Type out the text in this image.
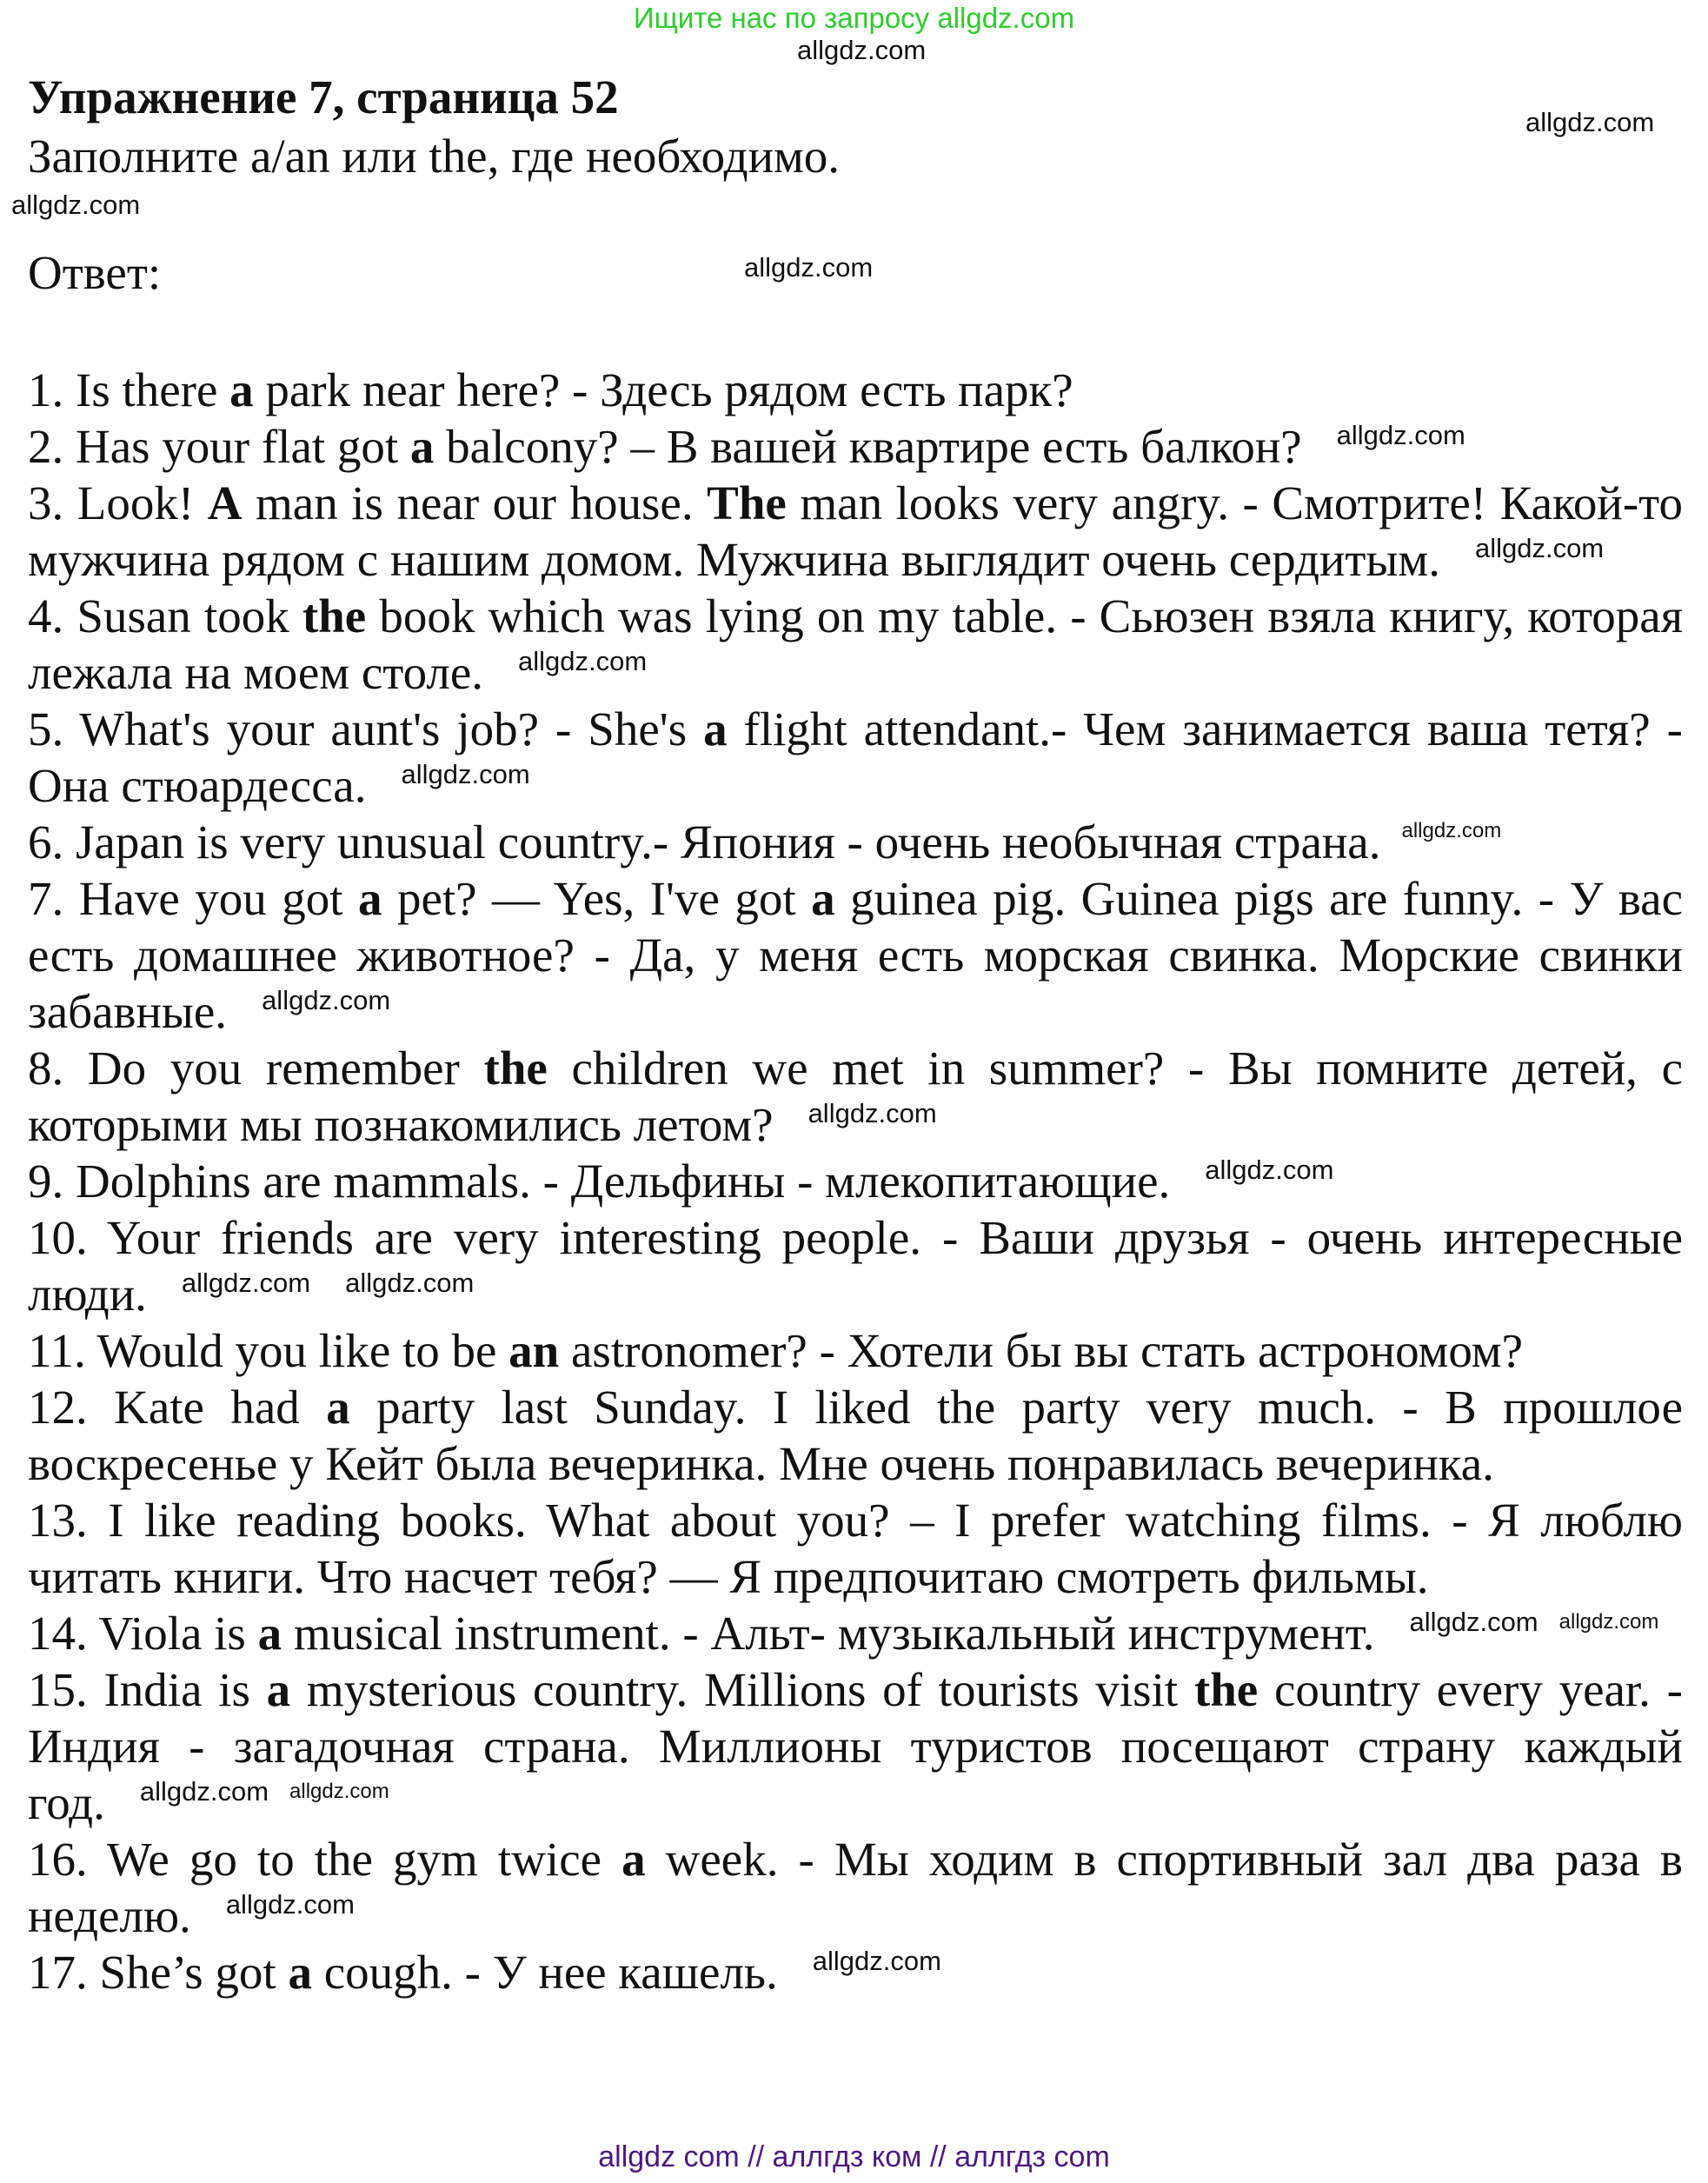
Ищите нас по запросу allgdz.com
Упражнение 7, страница 52
Заполните a/an или the, где необходимо.
Ответ:

1. Is there a park near here? - Здесь рядом есть парк?

2. Has your flat got a balcony? – В вашей квартире есть балкон? $^{allgdz.com}$

3. Look! A man is near our house. The man looks very angry. - Смотрите! Какой-то мужчина рядом с нашим домом. Мужчина выглядит очень сердитым. $^{allgdz.com}$

4. Susan took the book which was lying on my table. - Сьюзен взяла книгу, которая лежала на моем столе. $^{allgdz.com}$

5. What's your aunt's job? - She's a flight attendant.- Чем занимается ваша тетя? - Она стюардесса. $^{allgdz.com}$

6. Japan is very unusual country.- Япония - очень необычная страна. $^{allgdz.com}$

7. Have you got a pet? — Yes, I've got a guinea pig. Guinea pigs are funny. - У вас есть домашнее животное? - Да, у меня есть морская свинка. Морские свинки забавные. $^{allgdz.com}$

8. Do you remember the children we met in summer? - Вы помните детей, с которыми мы познакомились летом? $^{allgdz.com}$

9. Dolphins are mammals. - Дельфины - млекопитающие. $^{allgdz.com}$

10. Your friends are very interesting people. - Ваши друзья - очень интересные люди. $^{allgdz.com}$ $^{allgdz.com}$

11. Would you like to be an astronomer? - Хотели бы вы стать астрономом?

12. Kate had a party last Sunday. I liked the party very much. - В прошлое воскресенье у Кейт была вечеринка. Мне очень понравилась вечеринка.

13. I like reading books. What about you? – I prefer watching films. - Я люблю читать книги. Что насчет тебя? — Я предпочитаю смотреть фильмы.

14. Viola is a musical instrument. - Альт- музыкальный инструмент. $^{allgdz.com}$ $^{allgdz.com}$

15. India is a mysterious country. Millions of tourists visit the country every year. - Индия - загадочная страна. Миллионы туристов посещают страну каждый год. $^{allgdz.com}$ $^{allgdz.com}$

16. We go to the gym twice a week. - Мы ходим в спортивный зал два раза в неделю. $^{allgdz.com}$

17. She’s got a cough. - У нее кашель. $^{allgdz.com}$

allgdz.com
allgdz.com
allgdz.com
allgdz.com
allgdz com // аллгдз ком // аллгдз com
